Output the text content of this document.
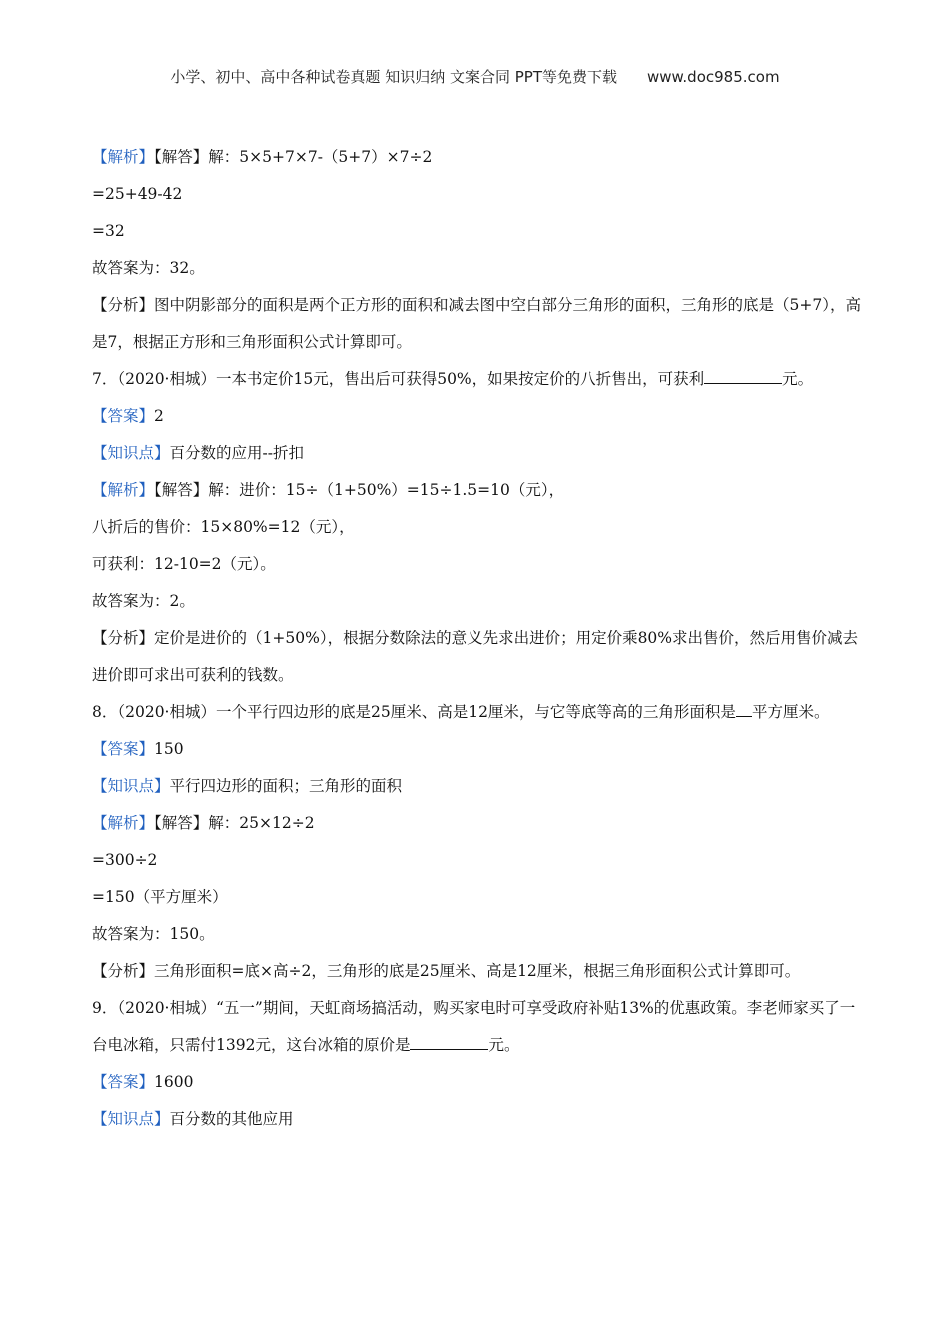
小学、初中、高中各种试卷真题 知识归纳 文案合同 PPT等免费下载 www.doc985.com
【解析】【解答】解：5×5+7×7-（5+7）×7÷2
=25+49-42
=32
故答案为：32。
【分析】图中阴影部分的面积是两个正方形的面积和减去图中空白部分三角形的面积，三角形的底是（5+7），高是7，根据正方形和三角形面积公式计算即可。
7．（2020·相城）一本书定价15元，售出后可获得50%，如果按定价的八折售出，可获利	元。
【答案】2
【知识点】百分数的应用--折扣
【解析】【解答】解：进价：15÷（1+50%）=15÷1.5=10（元），
八折后的售价：15×80%=12（元），
可获利：12-10=2（元）。
故答案为：2。
【分析】定价是进价的（1+50%），根据分数除法的意义先求出进价；用定价乘80%求出售价，然后用售价减去进价即可求出可获利的钱数。
8．（2020·相城）一个平行四边形的底是25厘米、高是12厘米，与它等底等高的三角形面积是 平方厘米。
【答案】150
【知识点】平行四边形的面积；三角形的面积
【解析】【解答】解：25×12÷2
=300÷2
=150（平方厘米）
故答案为：150。
【分析】三角形面积=底×高÷2，三角形的底是25厘米、高是12厘米，根据三角形面积公式计算即可。
9．（2020·相城）“五一”期间，天虹商场搞活动，购买家电时可享受政府补贴13%的优惠政策。李老师家买了一台电冰箱，只需付1392元，这台冰箱的原价是	元。
【答案】1600
【知识点】百分数的其他应用
